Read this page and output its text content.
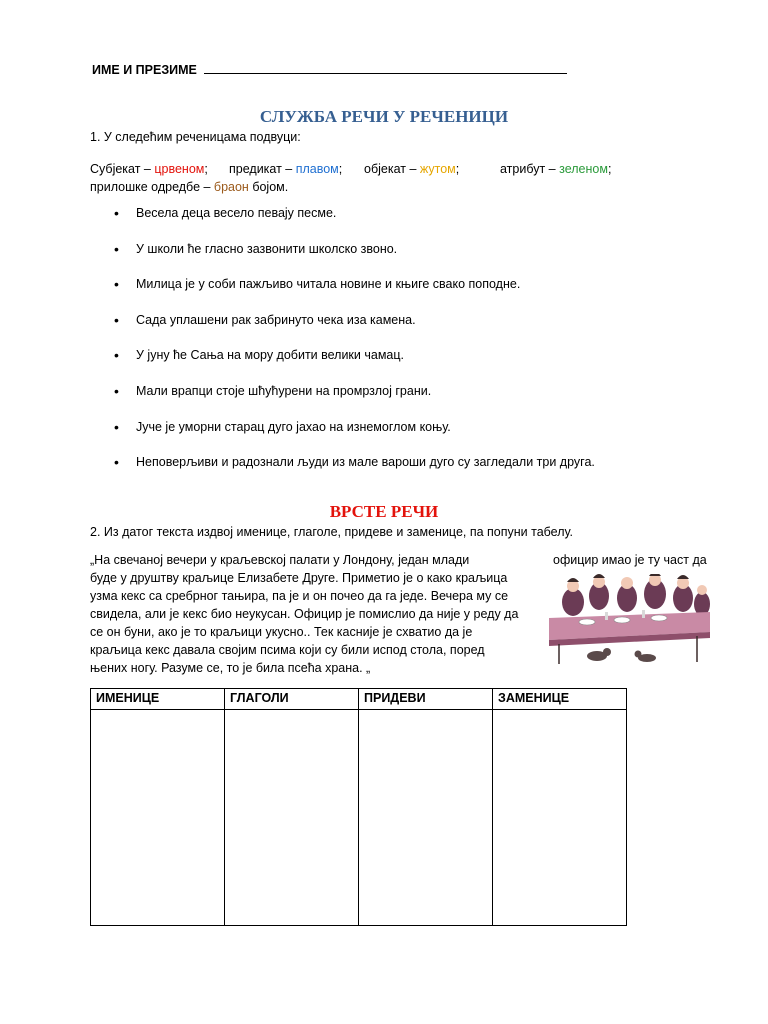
ИМЕ И ПРЕЗИМЕ
СЛУЖБА РЕЧИ У РЕЧЕНИЦИ
1. У следећим реченицама подвуци:
Субјекат – црвеном; предикат – плавом; објекат – жутом;	атрибут – зеленом;
прилошке одредбе – браон бојом.
• Весела деца весело певају песме.
• У школи ће гласно зазвонити школско звоно.
• Милица је у соби пажљиво читала новине и књиге свако поподне.
• Сада уплашени рак забринуто чека иза камена.
• У јуну ће Сања на мору добити велики чамац.
• Мали врапци стоје шћућурени на промрзлој грани.
• Јуче је уморни старац дуго јахао на изнемоглом коњу.
• Неповерљиви и радознали људи из мале вароши дуго су загледали три друга.
ВРСТЕ РЕЧИ
2. Из датог текста издвој именице, глаголе, придеве и заменице, па попуни табелу.
„На свечаној вечери у краљевској палати у Лондону, један млади
буде у друштву краљице Елизабете Друге. Приметио је о како краљица
узма кекс са сребрног тањира, па је и он почео да га једе. Вечера му се
свидела, али је кекс био неукусан. Официр је помислио да није у реду да
се он буни, ако је то краљици укусно.. Тек касније је схватио да је
краљица кекс давала својим псима који су били испод стола, поред
њених ногу. Разуме се, то је била псећа храна. „
официр имао је ту част да
ИМЕНИЦЕ	ГЛАГОЛИ	ПРИДЕВИ	ЗАМЕНИЦЕ
